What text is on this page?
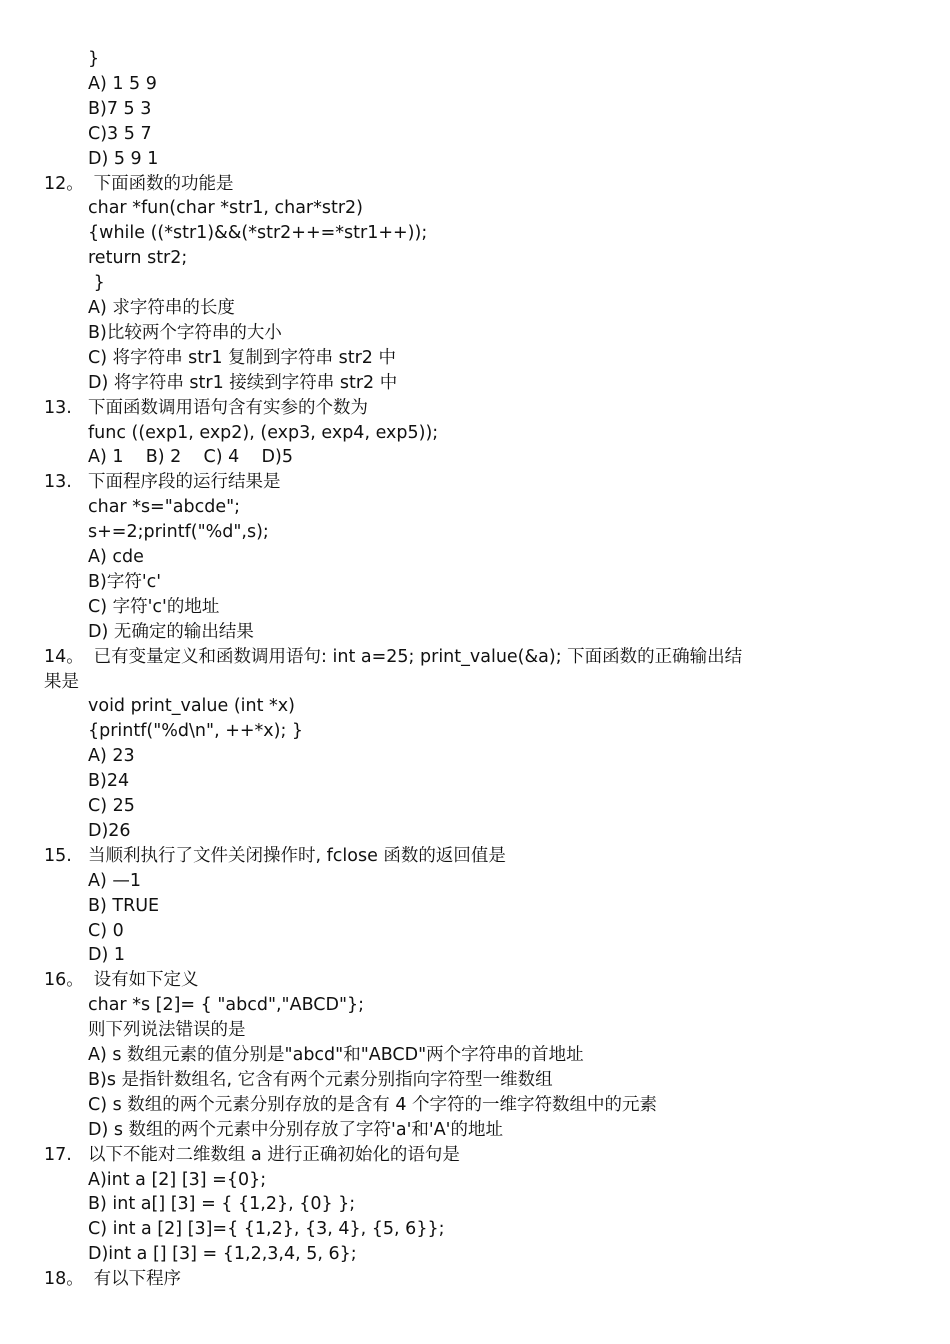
}
A) 1 5 9
B)7 5 3
C)3 5 7
D) 5 9 1
12。 下面函数的功能是
char *fun(char *str1, char*str2)
{while ((*str1)&&(*str2++=*str1++));
return str2;
}
A) 求字符串的长度
B)比较两个字符串的大小
C) 将字符串 str1 复制到字符串 str2 中
D) 将字符串 str1 接续到字符串 str2 中
13. 下面函数调用语句含有实参的个数为
func ((exp1, exp2), (exp3, exp4, exp5));
A) 1    B) 2    C) 4    D)5
13. 下面程序段的运行结果是
char *s="abcde";
s+=2;printf("%d",s);
A) cde
B)字符'c'
C) 字符'c'的地址
D) 无确定的输出结果
14。 已有变量定义和函数调用语句: int a=25; print_value(&a); 下面函数的正确输出结
果是
void print_value (int *x)
{printf("%d\n", ++*x); }
A) 23
B)24
C) 25
D)26
15. 当顺利执行了文件关闭操作时, fclose 函数的返回值是
A) —1
B) TRUE
C) 0
D) 1
16。 设有如下定义
char *s [2]= { "abcd","ABCD"};
则下列说法错误的是
A) s 数组元素的值分别是"abcd"和"ABCD"两个字符串的首地址
B)s 是指针数组名, 它含有两个元素分别指向字符型一维数组
C) s 数组的两个元素分别存放的是含有 4 个字符的一维字符数组中的元素
D) s 数组的两个元素中分别存放了字符'a'和'A'的地址
17. 以下不能对二维数组 a 进行正确初始化的语句是
A)int a [2] [3] ={0};
B) int a[] [3] = { {1,2}, {0} };
C) int a [2] [3]={ {1,2}, {3, 4}, {5, 6}};
D)int a [] [3] = {1,2,3,4, 5, 6};
18。 有以下程序
